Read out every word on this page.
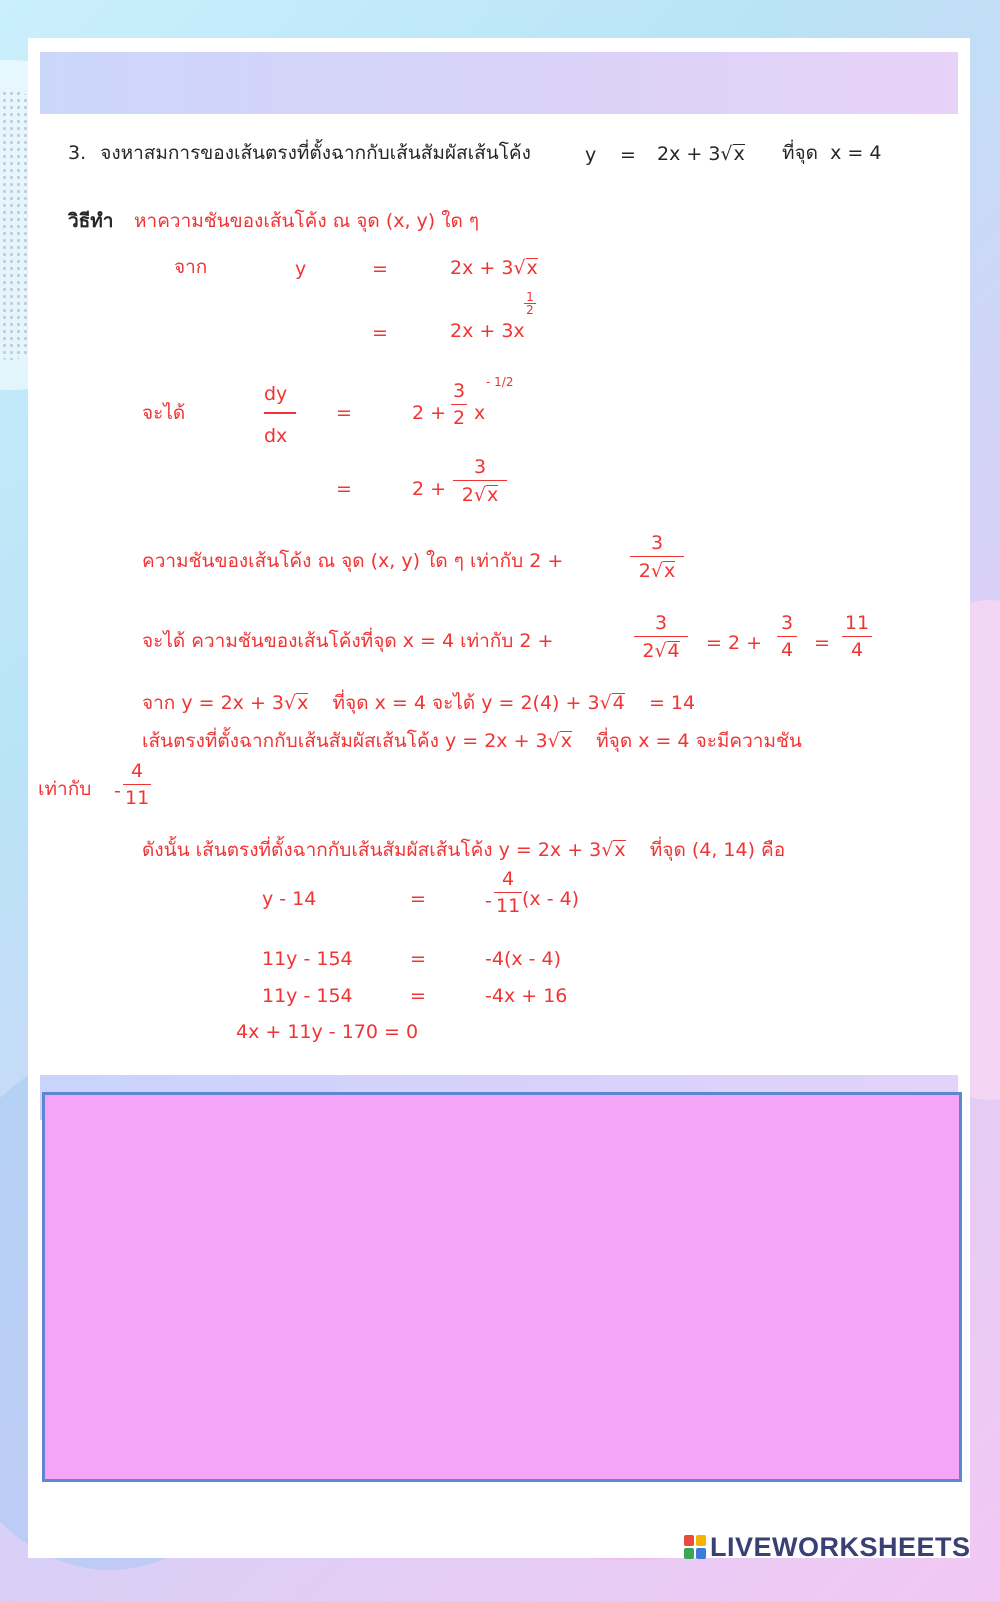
3. จงหาสมการของเส้นตรงที่ตั้งฉากกับเส้นสัมผัสเส้นโค้ง	y = 2x + 3√x ที่จุด x = 4
วิธีทำ หาความชันของเส้นโค้ง ณ จุด (x, y) ใด ๆ
จาก	y	=	2x + 3√x
=	2x + 3x
1
2
จะได้
dy
dx
=	$2 + \frac{3}{2}$ x
- 1/2
=	$2 + \frac{3}{2√x}$
ความชันของเส้นโค้ง ณ จุด (x, y) ใด ๆ เท่ากับ 2 +	$\frac{3}{2√x}$
จะได้ ความชันของเส้นโค้งที่จุด x = 4 เท่ากับ 2 +	$\frac{3}{2√4} = 2 + \frac{3}{4} = \frac{11}{4}$
จาก y = 2x + 3√x ที่จุด x = 4 จะได้ y = 2(4) + 3√4 = 14
เส้นตรงที่ตั้งฉากกับเส้นสัมผัสเส้นโค้ง y = 2x + 3√x ที่จุด x = 4 จะมีความชัน
เท่ากับ - $\frac{4}{11}$
ดังนั้น เส้นตรงที่ตั้งฉากกับเส้นสัมผัสเส้นโค้ง y = 2x + 3√x ที่จุด (4, 14) คือ
y - 14	=	- $\frac{4}{11} (x - 4)$
11y - 154	=	-4(x - 4)
11y - 154	=	-4x + 16
4x + 11y - 170 = 0
LIVEWORKSHEETS
